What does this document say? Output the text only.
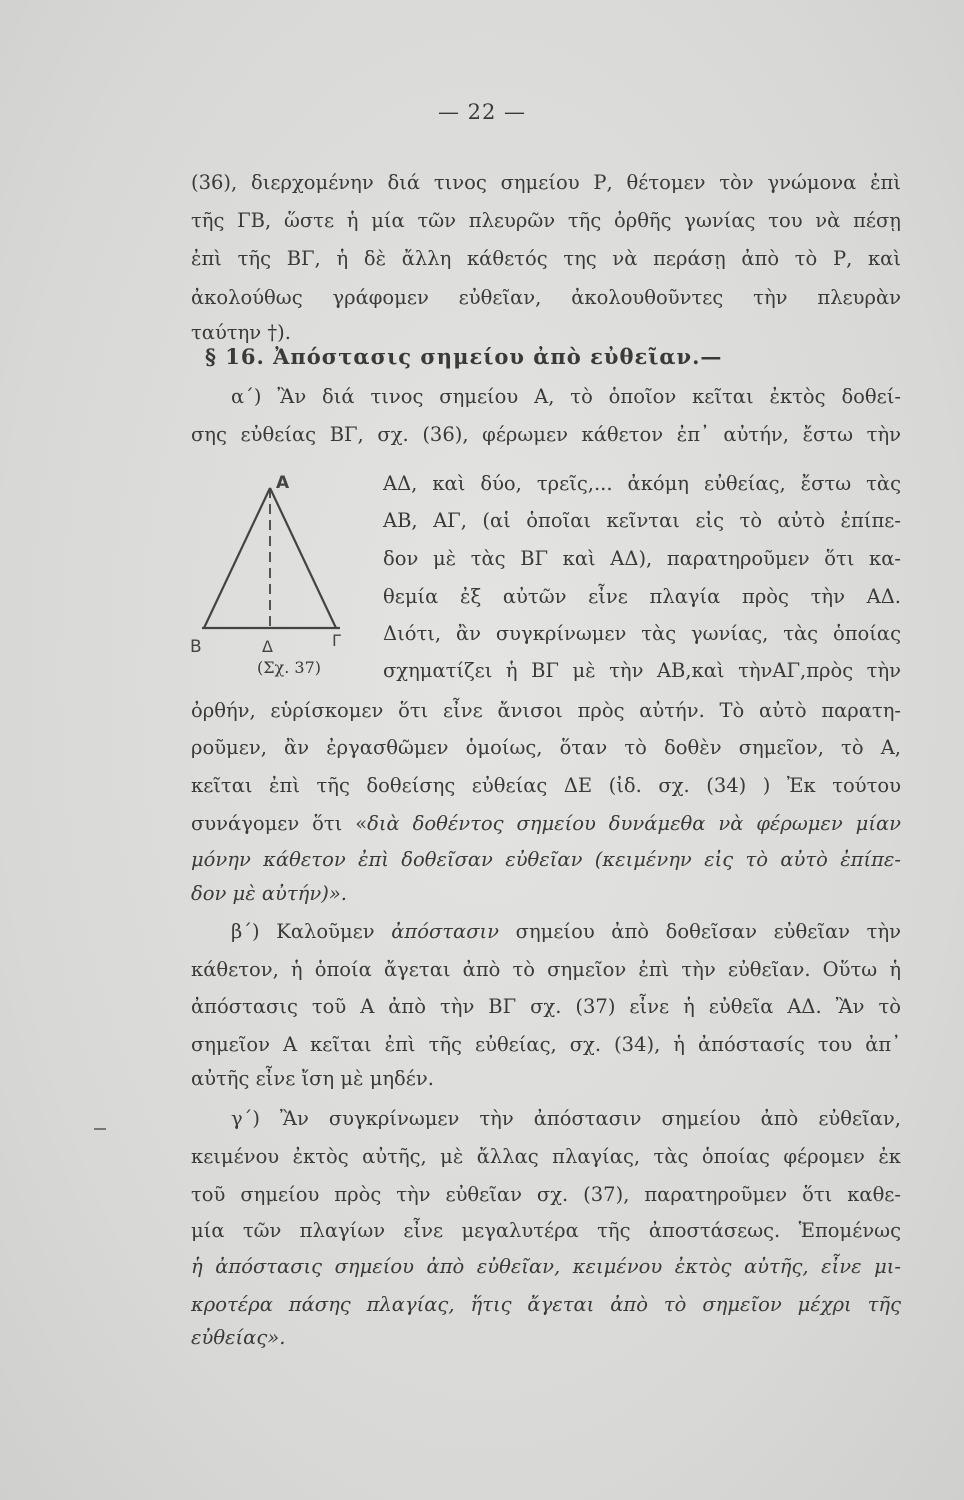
— 22 —
(36), διερχομένην διά τινος σημείου Ρ, θέτομεν τὸν γνώμονα ἐπὶ
τῆς ΓΒ, ὥστε ἡ μία τῶν πλευρῶν τῆς ὀρθῆς γωνίας του νὰ πέσῃ
ἐπὶ τῆς ΒΓ, ἡ δὲ ἄλλη κάθετός της νὰ περάσῃ ἀπὸ τὸ Ρ, καὶ
ἀκολούθως γράφομεν εὐθεῖαν, ἀκολουθοῦντες τὴν πλευρὰν
ταύτην †).
§ 16. Ἀπόστασις σημείου ἀπὸ εὐθεῖαν.—
α΄) Ἂν διά τινος σημείου Α, τὸ ὁποῖον κεῖται ἐκτὸς δοθεί-
σης εὐθείας ΒΓ, σχ. (36), φέρωμεν κάθετον ἐπ᾽ αὐτήν, ἔστω τὴν
Α
Β	Δ	Γ
(Σχ. 37)
ΑΔ, καὶ δύο, τρεῖς,... ἀκόμη εὐθείας, ἔστω τὰς
ΑΒ, ΑΓ, (αἱ ὁποῖαι κεῖνται εἰς τὸ αὐτὸ ἐπίπε-
δον μὲ τὰς ΒΓ καὶ ΑΔ), παρατηροῦμεν ὅτι κα-
θεμία ἐξ αὐτῶν εἶνε πλαγία πρὸς τὴν ΑΔ.
Διότι, ἂν συγκρίνωμεν τὰς γωνίας, τὰς ὁποίας
σχηματίζει ἡ ΒΓ μὲ τὴν ΑΒ,καὶ τὴνΑΓ,πρὸς τὴν
ὀρθήν, εὑρίσκομεν ὅτι εἶνε ἄνισοι πρὸς αὐτήν. Τὸ αὐτὸ παρατη-
ροῦμεν, ἂν ἐργασθῶμεν ὁμοίως, ὅταν τὸ δοθὲν σημεῖον, τὸ Α,
κεῖται ἐπὶ τῆς δοθείσης εὐθείας ΔΕ (ἰδ. σχ. (34) ) Ἐκ τούτου
συνάγομεν ὅτι «διὰ δοθέντος σημείου δυνάμεθα νὰ φέρωμεν μίαν
μόνην κάθετον ἐπὶ δοθεῖσαν εὐθεῖαν (κειμένην εἰς τὸ αὐτὸ ἐπίπε-
δον μὲ αὐτήν)».
β΄) Καλοῦμεν ἀπόστασιν σημείου ἀπὸ δοθεῖσαν εὐθεῖαν τὴν
κάθετον, ἡ ὁποία ἄγεται ἀπὸ τὸ σημεῖον ἐπὶ τὴν εὐθεῖαν. Οὕτω ἡ
ἀπόστασις τοῦ Α ἀπὸ τὴν ΒΓ σχ. (37) εἶνε ἡ εὐθεῖα ΑΔ. Ἂν τὸ
σημεῖον Α κεῖται ἐπὶ τῆς εὐθείας, σχ. (34), ἡ ἀπόστασίς του ἀπ᾽
αὐτῆς εἶνε ἴση μὲ μηδέν.
γ΄) Ἂν συγκρίνωμεν τὴν ἀπόστασιν σημείου ἀπὸ εὐθεῖαν,
κειμένου ἐκτὸς αὐτῆς, μὲ ἄλλας πλαγίας, τὰς ὁποίας φέρομεν ἐκ
τοῦ σημείου πρὸς τὴν εὐθεῖαν σχ. (37), παρατηροῦμεν ὅτι καθε-
μία τῶν πλαγίων εἶνε μεγαλυτέρα τῆς ἀποστάσεως. Ἑπομένως
ἡ ἀπόστασις σημείου ἀπὸ εὐθεῖαν, κειμένου ἐκτὸς αὐτῆς, εἶνε μι-
κροτέρα πάσης πλαγίας, ἥτις ἄγεται ἀπὸ τὸ σημεῖον μέχρι τῆς
εὐθείας».
